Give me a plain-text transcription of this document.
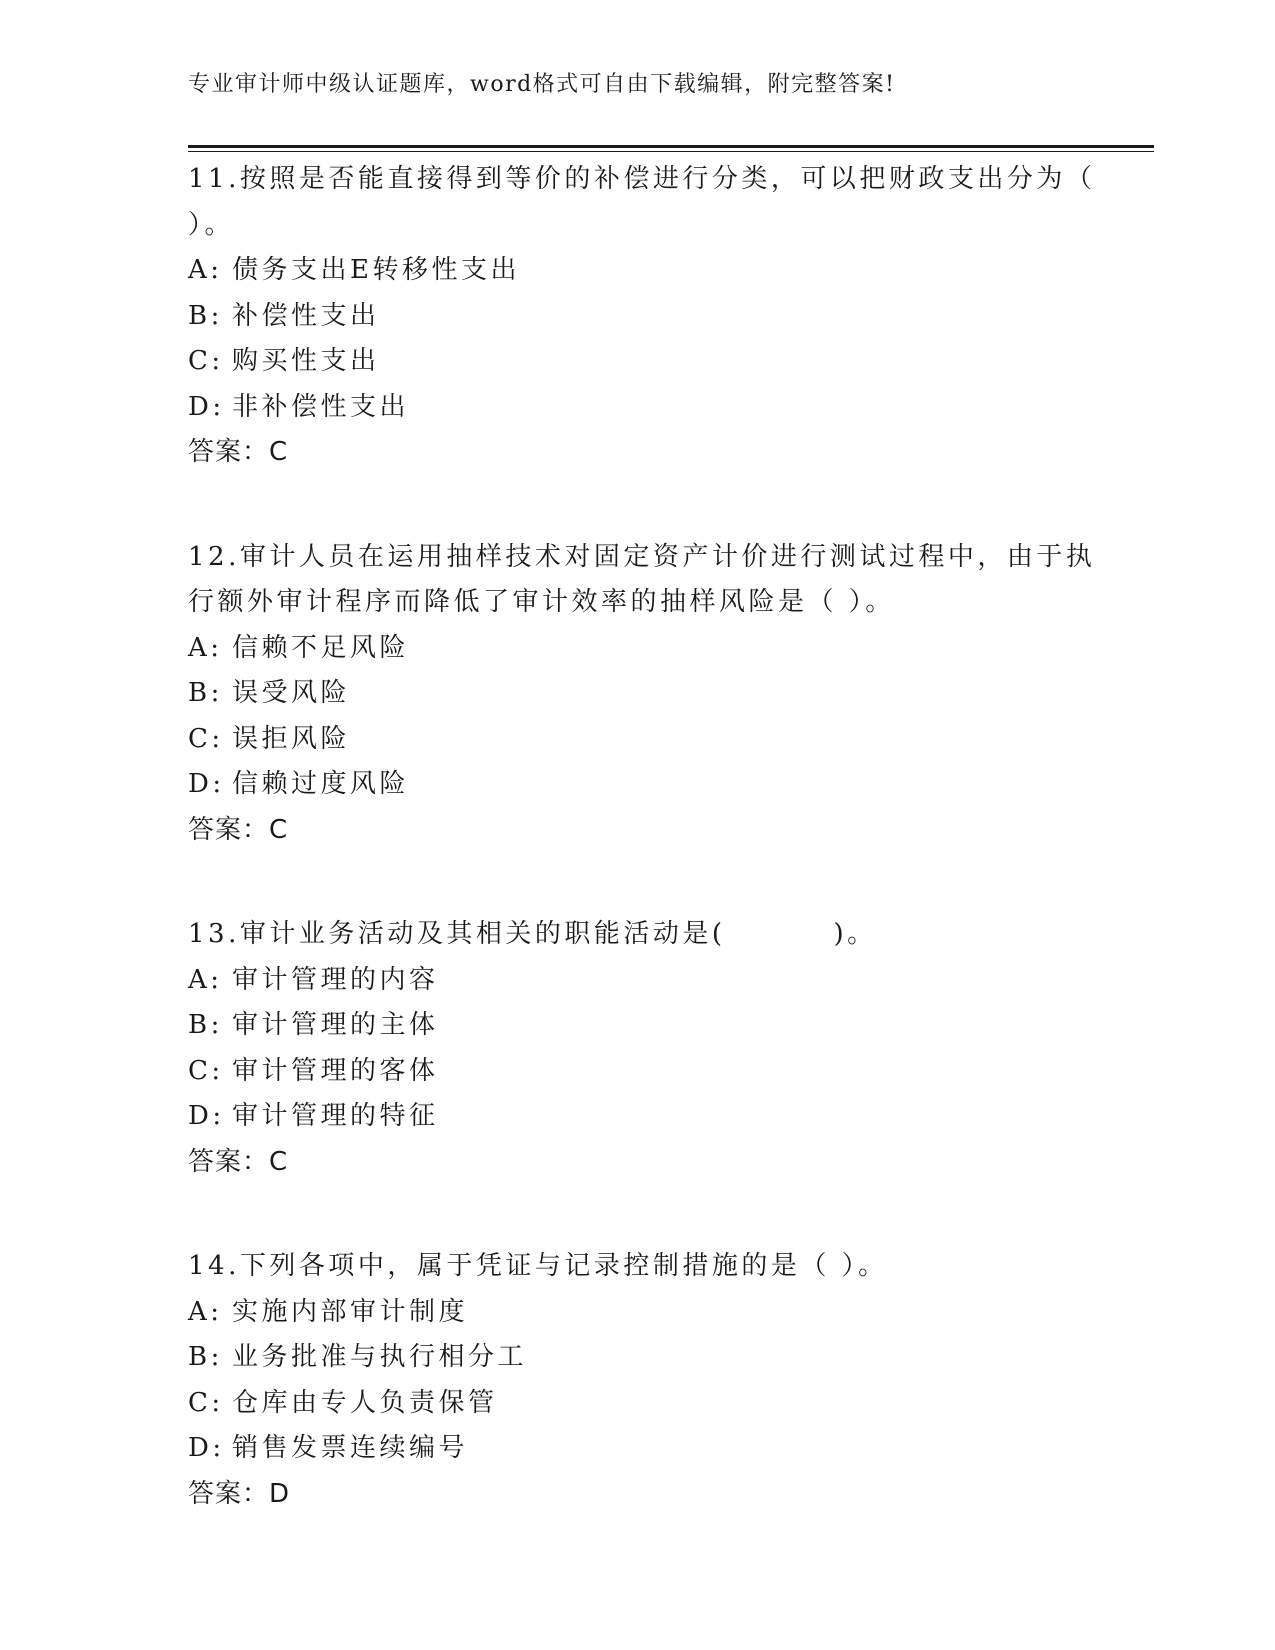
专业审计师中级认证题库，word格式可自由下载编辑，附完整答案!
11.按照是否能直接得到等价的补偿进行分类，可以把财政支出分为（
）。
A: 债务支出E转移性支出
B: 补偿性支出
C: 购买性支出
D: 非补偿性支出
答案：C
12.审计人员在运用抽样技术对固定资产计价进行测试过程中，由于执
行额外审计程序而降低了审计效率的抽样风险是（ ）。
A: 信赖不足风险
B: 误受风险
C: 误拒风险
D: 信赖过度风险
答案：C
13.审计业务活动及其相关的职能活动是(	)。
A: 审计管理的内容
B: 审计管理的主体
C: 审计管理的客体
D: 审计管理的特征
答案：C
14.下列各项中，属于凭证与记录控制措施的是（ ）。
A: 实施内部审计制度
B: 业务批准与执行相分工
C: 仓库由专人负责保管
D: 销售发票连续编号
答案：D
